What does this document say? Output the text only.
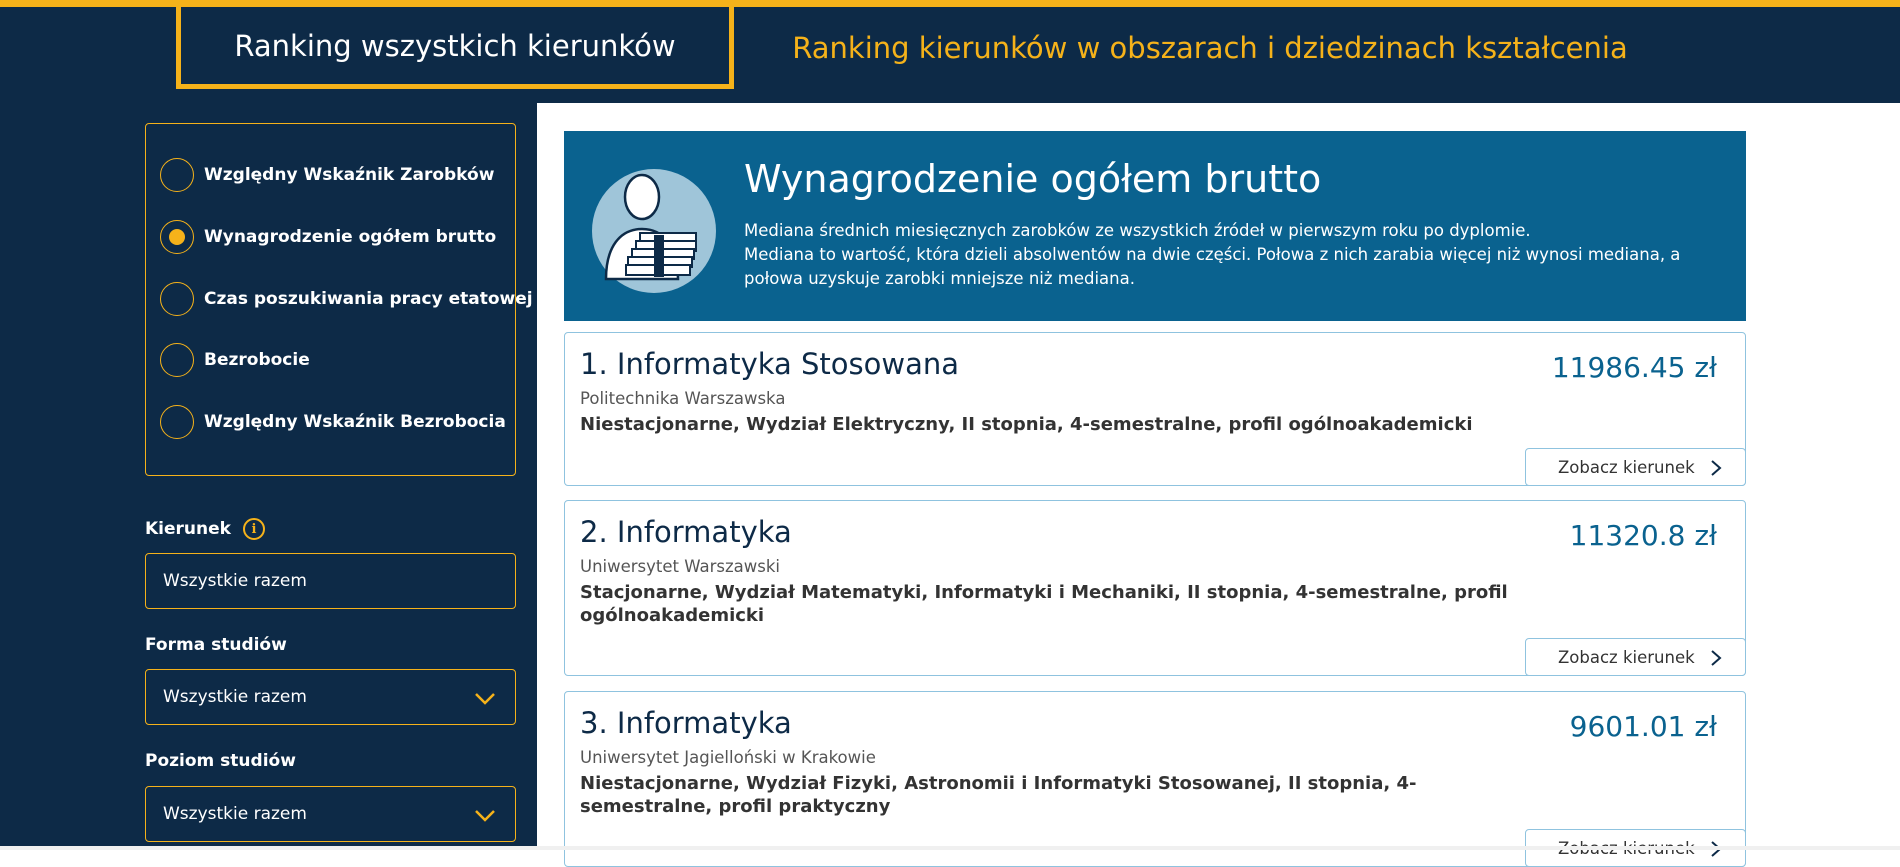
Ranking wszystkich kierunków	Ranking kierunków w obszarach i dziedzinach kształcenia
Względny Wskaźnik Zarobków
Wynagrodzenie ogółem brutto
Czas poszukiwania pracy etatowej
Bezrobocie
Względny Wskaźnik Bezrobocia
Kierunek	i
Wszystkie razem
Forma studiów
Wszystkie razem
Poziom studiów
Wszystkie razem
Wynagrodzenie ogółem brutto
Mediana średnich miesięcznych zarobków ze wszystkich źródeł w pierwszym roku po dyplomie.
Mediana to wartość, która dzieli absolwentów na dwie części. Połowa z nich zarabia więcej niż wynosi mediana, a połowa uzyskuje zarobki mniejsze niż mediana.
1. Informatyka Stosowana
Politechnika Warszawska
Niestacjonarne, Wydział Elektryczny, II stopnia, 4-semestralne, profil ogólnoakademicki
11986.45 zł
Zobacz kierunek
2. Informatyka
Uniwersytet Warszawski
Stacjonarne, Wydział Matematyki, Informatyki i Mechaniki, II stopnia, 4-semestralne, profil ogólnoakademicki
11320.8 zł
Zobacz kierunek
3. Informatyka
Uniwersytet Jagielloński w Krakowie
Niestacjonarne, Wydział Fizyki, Astronomii i Informatyki Stosowanej, II stopnia, 4-semestralne, profil praktyczny
9601.01 zł
